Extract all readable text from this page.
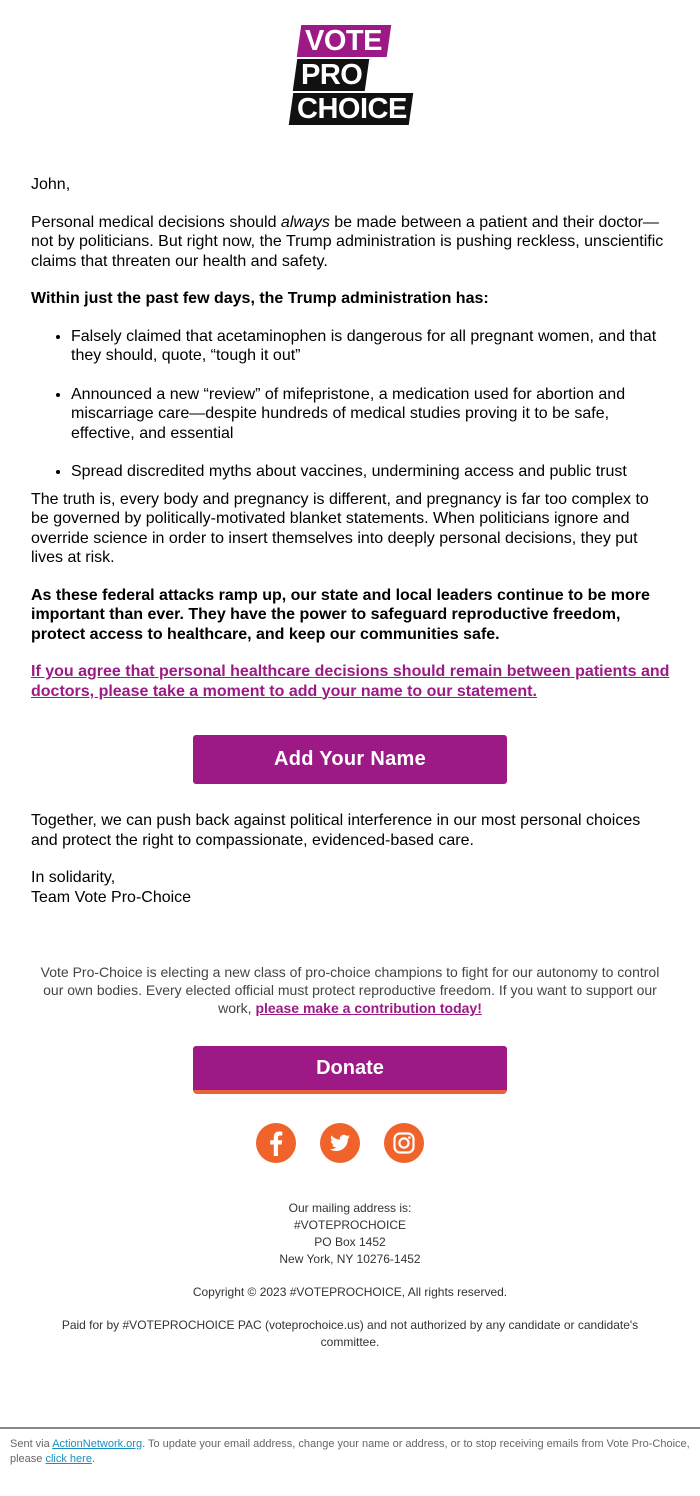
VOTE
PRO
CHOICE

John,

Personal medical decisions should always be made between a patient and their doctor—not by politicians. But right now, the Trump administration is pushing reckless, unscientific claims that threaten our health and safety.

Within just the past few days, the Trump administration has:

• Falsely claimed that acetaminophen is dangerous for all pregnant women, and that they should, quote, “tough it out”
• Announced a new “review” of mifepristone, a medication used for abortion and miscarriage care—despite hundreds of medical studies proving it to be safe, effective, and essential
• Spread discredited myths about vaccines, undermining access and public trust

The truth is, every body and pregnancy is different, and pregnancy is far too complex to be governed by politically-motivated blanket statements. When politicians ignore and override science in order to insert themselves into deeply personal decisions, they put lives at risk.

As these federal attacks ramp up, our state and local leaders continue to be more important than ever. They have the power to safeguard reproductive freedom, protect access to healthcare, and keep our communities safe.

If you agree that personal healthcare decisions should remain between patients and doctors, please take a moment to add your name to our statement.

Add Your Name

Together, we can push back against political interference in our most personal choices and protect the right to compassionate, evidenced-based care.

In solidarity,
Team Vote Pro-Choice

Vote Pro-Choice is electing a new class of pro-choice champions to fight for our autonomy to control our own bodies. Every elected official must protect reproductive freedom. If you want to support our work, please make a contribution today!
Donate
Our mailing address is:
#VOTEPROCHOICE
PO Box 1452
New York, NY 10276-1452
Copyright © 2023 #VOTEPROCHOICE, All rights reserved.
Paid for by #VOTEPROCHOICE PAC (voteprochoice.us) and not authorized by any candidate or candidate's committee.
Sent via ActionNetwork.org. To update your email address, change your name or address, or to stop receiving emails from Vote Pro-Choice, please click here.
